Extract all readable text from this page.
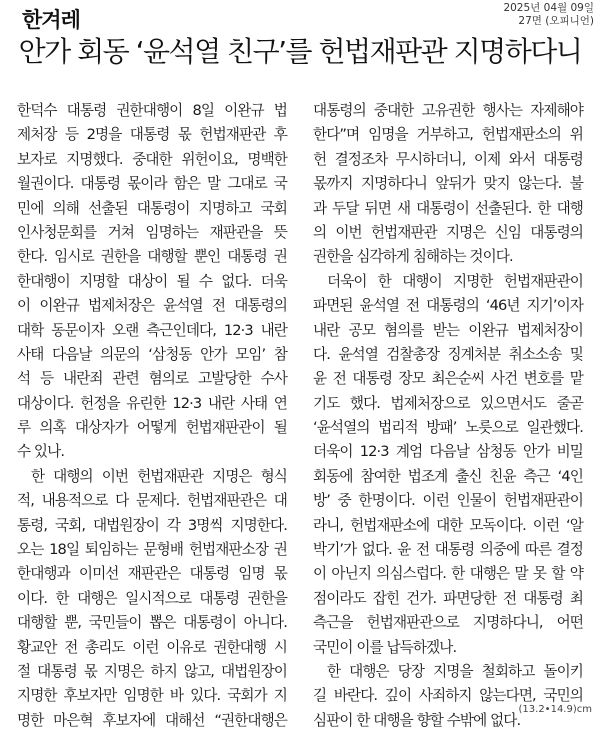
한겨레	2025년 04월 09일
27면 (오피니언)
안가 회동 ‘윤석열 친구’를 헌법재판관 지명하다니
한덕수 대통령 권한대행이 8일 이완규 법
제처장 등 2명을 대통령 몫 헌법재판관 후
보자로 지명했다. 중대한 위헌이요, 명백한
월권이다. 대통령 몫이라 함은 말 그대로 국
민에 의해 선출된 대통령이 지명하고 국회
인사청문회를 거쳐 임명하는 재판관을 뜻
한다. 임시로 권한을 대행할 뿐인 대통령 권
한대행이 지명할 대상이 될 수 없다. 더욱
이 이완규 법제처장은 윤석열 전 대통령의
대학 동문이자 오랜 측근인데다, 12·3 내란
사태 다음날 의문의 ‘삼청동 안가 모임’ 참
석 등 내란죄 관련 혐의로 고발당한 수사
대상이다. 헌정을 유린한 12·3 내란 사태 연
루 의혹 대상자가 어떻게 헌법재판관이 될
수 있나.
한 대행의 이번 헌법재판관 지명은 형식
적, 내용적으로 다 문제다. 헌법재판관은 대
통령, 국회, 대법원장이 각 3명씩 지명한다.
오는 18일 퇴임하는 문형배 헌법재판소장 권
한대행과 이미선 재판관은 대통령 임명 몫
이다. 한 대행은 일시적으로 대통령 권한을
대행할 뿐, 국민들이 뽑은 대통령이 아니다.
황교안 전 총리도 이런 이유로 권한대행 시
절 대통령 몫 지명은 하지 않고, 대법원장이
지명한 후보자만 임명한 바 있다. 국회가 지
명한 마은혁 후보자에 대해선 “권한대행은
대통령의 중대한 고유권한 행사는 자제해야
한다”며 임명을 거부하고, 헌법재판소의 위
헌 결정조차 무시하더니, 이제 와서 대통령
몫까지 지명하다니 앞뒤가 맞지 않는다. 불
과 두달 뒤면 새 대통령이 선출된다. 한 대행
의 이번 헌법재판관 지명은 신임 대통령의
권한을 심각하게 침해하는 것이다.
더욱이 한 대행이 지명한 헌법재판관이
파면된 윤석열 전 대통령의 ‘46년 지기’이자
내란 공모 혐의를 받는 이완규 법제처장이
다. 윤석열 검찰총장 징계처분 취소소송 및
윤 전 대통령 장모 최은순씨 사건 변호를 맡
기도 했다. 법제처장으로 있으면서도 줄곧
‘윤석열의 법리적 방패’ 노릇으로 일관했다.
더욱이 12·3 계엄 다음날 삼청동 안가 비밀
회동에 참여한 법조계 출신 친윤 측근 ‘4인
방’ 중 한명이다. 이런 인물이 헌법재판관이
라니, 헌법재판소에 대한 모독이다. 이런 ‘알
박기’가 없다. 윤 전 대통령 의중에 따른 결정
이 아닌지 의심스럽다. 한 대행은 말 못 할 약
점이라도 잡힌 건가. 파면당한 전 대통령 최
측근을 헌법재판관으로 지명하다니, 어떤
국민이 이를 납득하겠나.
한 대행은 당장 지명을 철회하고 돌이키
길 바란다. 깊이 사죄하지 않는다면, 국민의
심판이 한 대행을 향할 수밖에 없다.
(13.2•14.9)cm
